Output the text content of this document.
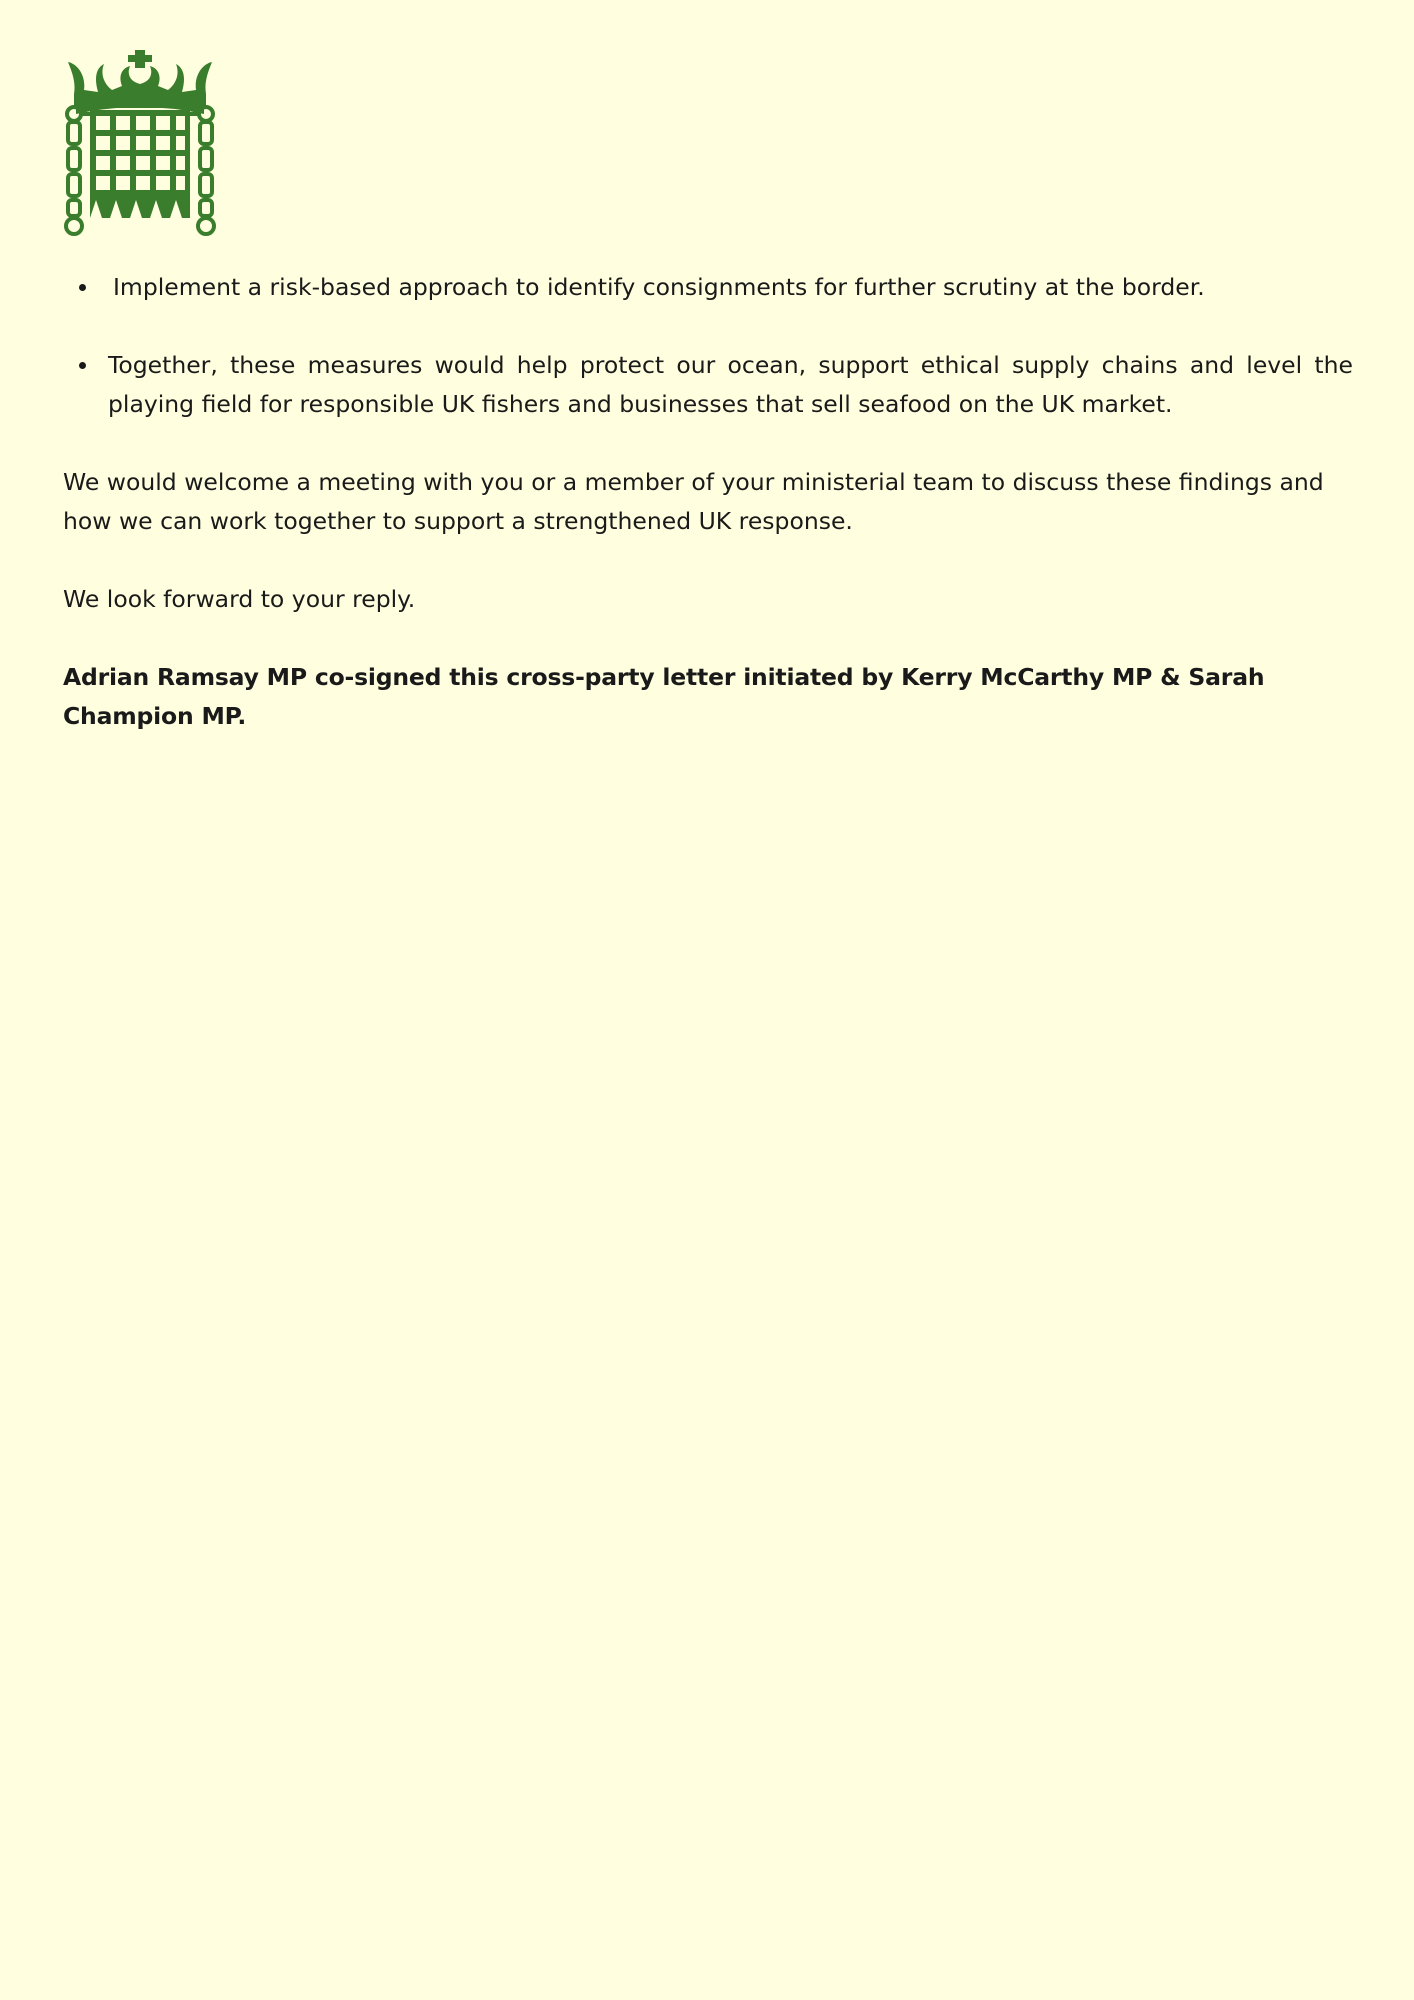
Implement a risk-based approach to identify consignments for further scrutiny at the border.
Together, these measures would help protect our ocean, support ethical supply chains and level the playing field for responsible UK fishers and businesses that sell seafood on the UK market.

We would welcome a meeting with you or a member of your ministerial team to discuss these findings and how we can work together to support a strengthened UK response.

We look forward to your reply.

Adrian Ramsay MP co-signed this cross-party letter initiated by Kerry McCarthy MP & Sarah Champion MP.
